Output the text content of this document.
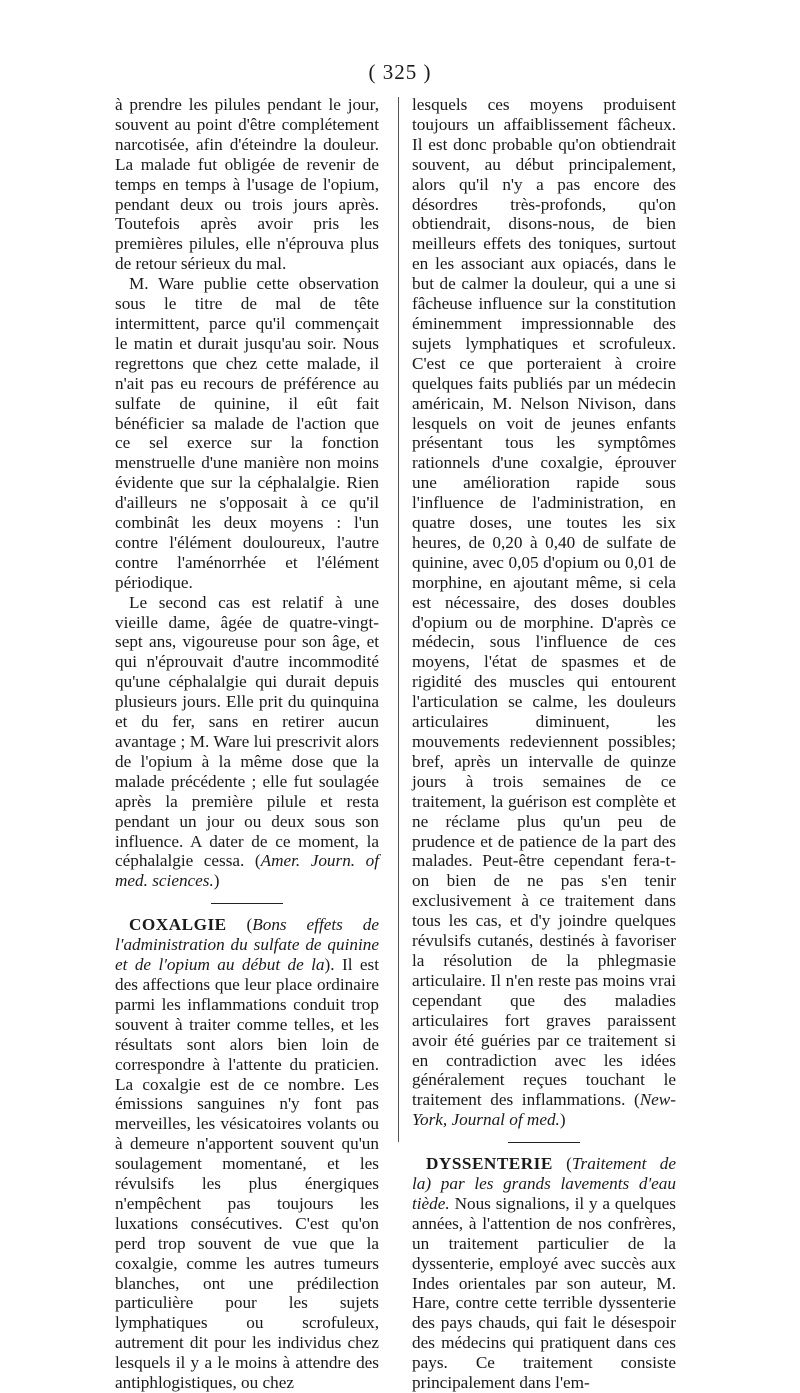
( 325 )

à prendre les pilules pendant le jour, souvent au point d'être complétement narcotisée, afin d'éteindre la douleur. La malade fut obligée de revenir de temps en temps à l'usage de l'opium, pendant deux ou trois jours après. Toutefois après avoir pris les premières pilules, elle n'éprouva plus de retour sérieux du mal.

M. Ware publie cette observation sous le titre de mal de tête intermittent, parce qu'il commençait le matin et durait jusqu'au soir. Nous regrettons que chez cette malade, il n'ait pas eu recours de préférence au sulfate de quinine, il eût fait bénéficier sa malade de l'action que ce sel exerce sur la fonction menstruelle d'une manière non moins évidente que sur la céphalalgie. Rien d'ailleurs ne s'opposait à ce qu'il combinât les deux moyens : l'un contre l'élément douloureux, l'autre contre l'aménorrhée et l'élément périodique.

Le second cas est relatif à une vieille dame, âgée de quatre-vingt-sept ans, vigoureuse pour son âge, et qui n'éprouvait d'autre incommodité qu'une céphalalgie qui durait depuis plusieurs jours. Elle prit du quinquina et du fer, sans en retirer aucun avantage ; M. Ware lui prescrivit alors de l'opium à la même dose que la malade précédente ; elle fut soulagée après la première pilule et resta pendant un jour ou deux sous son influence. A dater de ce moment, la céphalalgie cessa. (Amer. Journ. of med. sciences.)

COXALGIE (Bons effets de l'administration du sulfate de quinine et de l'opium au début de la). Il est des affections que leur place ordinaire parmi les inflammations conduit trop souvent à traiter comme telles, et les résultats sont alors bien loin de correspondre à l'attente du praticien. La coxalgie est de ce nombre. Les émissions sanguines n'y font pas merveilles, les vésicatoires volants ou à demeure n'apportent souvent qu'un soulagement momentané, et les révulsifs les plus énergiques n'empêchent pas toujours les luxations consécutives. C'est qu'on perd trop souvent de vue que la coxalgie, comme les autres tumeurs blanches, ont une prédilection particulière pour les sujets lymphatiques ou scrofuleux, autrement dit pour les individus chez lesquels il y a le moins à attendre des antiphlogistiques, ou chez

lesquels ces moyens produisent toujours un affaiblissement fâcheux. Il est donc probable qu'on obtiendrait souvent, au début principalement, alors qu'il n'y a pas encore des désordres très-profonds, qu'on obtiendrait, disons-nous, de bien meilleurs effets des toniques, surtout en les associant aux opiacés, dans le but de calmer la douleur, qui a une si fâcheuse influence sur la constitution éminemment impressionnable des sujets lymphatiques et scrofuleux. C'est ce que porteraient à croire quelques faits publiés par un médecin américain, M. Nelson Nivison, dans lesquels on voit de jeunes enfants présentant tous les symptômes rationnels d'une coxalgie, éprouver une amélioration rapide sous l'influence de l'administration, en quatre doses, une toutes les six heures, de 0,20 à 0,40 de sulfate de quinine, avec 0,05 d'opium ou 0,01 de morphine, en ajoutant même, si cela est nécessaire, des doses doubles d'opium ou de morphine. D'après ce médecin, sous l'influence de ces moyens, l'état de spasmes et de rigidité des muscles qui entourent l'articulation se calme, les douleurs articulaires diminuent, les mouvements redeviennent possibles; bref, après un intervalle de quinze jours à trois semaines de ce traitement, la guérison est complète et ne réclame plus qu'un peu de prudence et de patience de la part des malades. Peut-être cependant fera-t-on bien de ne pas s'en tenir exclusivement à ce traitement dans tous les cas, et d'y joindre quelques révulsifs cutanés, destinés à favoriser la résolution de la phlegmasie articulaire. Il n'en reste pas moins vrai cependant que des maladies articulaires fort graves paraissent avoir été guéries par ce traitement si en contradiction avec les idées généralement reçues touchant le traitement des inflammations. (New-York, Journal of med.)

DYSSENTERIE (Traitement de la) par les grands lavements d'eau tiède. Nous signalions, il y a quelques années, à l'attention de nos confrères, un traitement particulier de la dyssenterie, employé avec succès aux Indes orientales par son auteur, M. Hare, contre cette terrible dyssenterie des pays chauds, qui fait le désespoir des médecins qui pratiquent dans ces pays. Ce traitement consiste principalement dans l'em-
